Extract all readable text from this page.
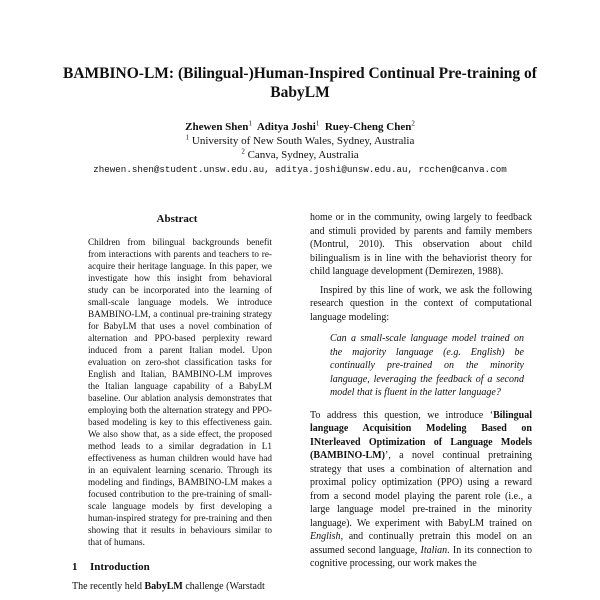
BAMBINO-LM: (Bilingual-)Human-Inspired Continual Pre-training of BabyLM
Zhewen Shen$^1$ Aditya Joshi$^1$ Ruey-Cheng Chen$^2$
$^1$ University of New South Wales, Sydney, Australia
$^2$ Canva, Sydney, Australia
zhewen.shen@student.unsw.edu.au, aditya.joshi@unsw.edu.au, rcchen@canva.com
Abstract

Children from bilingual backgrounds benefit from interactions with parents and teachers to re-acquire their heritage language. In this paper, we investigate how this insight from behavioral study can be incorporated into the learning of small-scale language models. We introduce BAMBINO-LM, a continual pre-training strategy for BabyLM that uses a novel combination of alternation and PPO-based perplexity reward induced from a parent Italian model. Upon evaluation on zero-shot classification tasks for English and Italian, BAMBINO-LM improves the Italian language capability of a BabyLM baseline. Our ablation analysis demonstrates that employing both the alternation strategy and PPO-based modeling is key to this effectiveness gain. We also show that, as a side effect, the proposed method leads to a similar degradation in L1 effectiveness as human children would have had in an equivalent learning scenario. Through its modeling and findings, BAMBINO-LM makes a focused contribution to the pre-training of small-scale language models by first developing a human-inspired strategy for pre-training and then showing that it results in behaviours similar to that of humans.

1 Introduction
The recently held BabyLM challenge (Warstadt

home or in the community, owing largely to feedback and stimuli provided by parents and family members (Montrul, 2010). This observation about child bilingualism is in line with the behaviorist theory for child language development (Demirezen, 1988).

Inspired by this line of work, we ask the following research question in the context of computational language modeling:

Can a small-scale language model trained on the majority language (e.g. English) be continually pre-trained on the minority language, leveraging the feedback of a second model that is fluent in the latter language?

To address this question, we introduce ‘Bilingual language Acquisition Modeling Based on INterleaved Optimization of Language Models (BAMBINO-LM)’, a novel continual pretraining strategy that uses a combination of alternation and proximal policy optimization (PPO) using a reward from a second model playing the parent role (i.e., a large language model pre-trained in the minority language). We experiment with BabyLM trained on English, and continually pretrain this model on an assumed second language, Italian. In its connection to cognitive processing, our work makes the
